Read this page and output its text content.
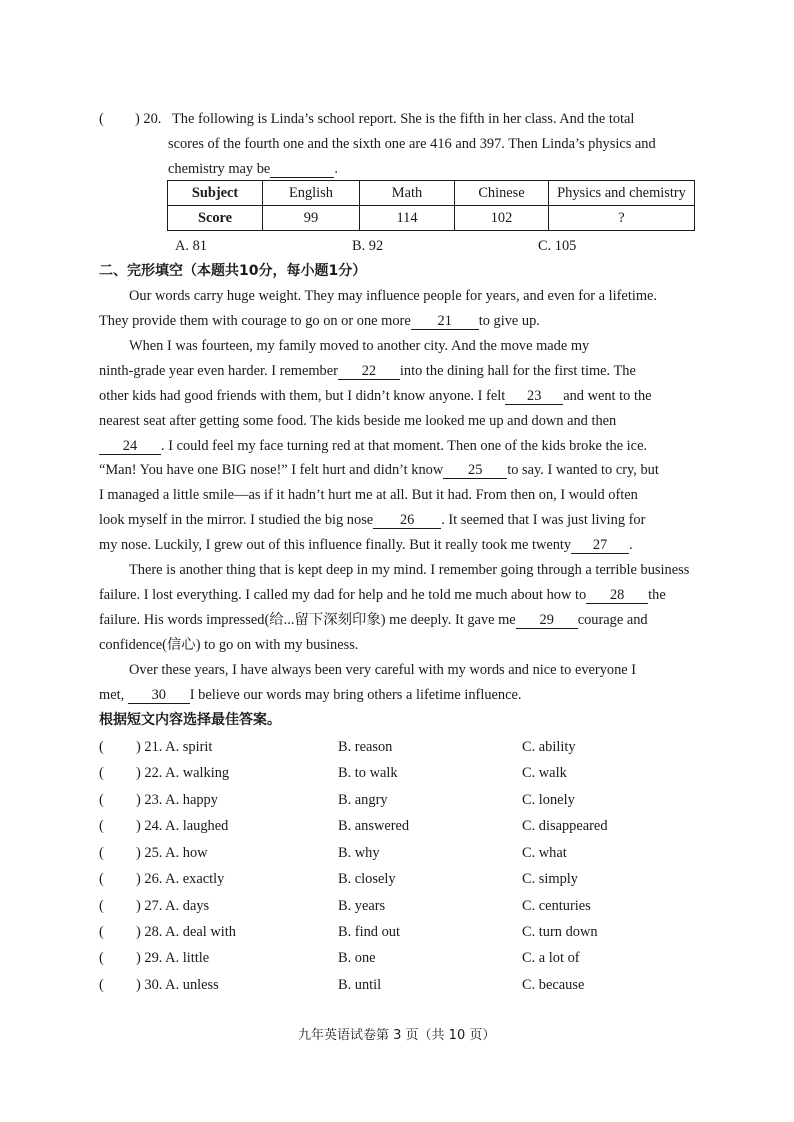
( ) 20. The following is Linda’s school report. She is the fifth in her class. And the total
scores of the fourth one and the sixth one are 416 and 397. Then Linda’s physics and
chemistry may be	.
Subject	English	Math	Chinese	Physics and chemistry
Score	99	114	102	?
A. 81	B. 92	C. 105
二、完形填空（本题共10分，每小题1分）
Our words carry huge weight. They may influence people for years, and even for a lifetime.
They provide them with courage to go on or one more 21 to give up.
When I was fourteen, my family moved to another city. And the move made my
ninth-grade year even harder. I remember 22 into the dining hall for the first time. The
other kids had good friends with them, but I didn’t know anyone. I felt 23 and went to the
nearest seat after getting some food. The kids beside me looked me up and down and then
24 . I could feel my face turning red at that moment. Then one of the kids broke the ice.
“Man! You have one BIG nose!” I felt hurt and didn’t know 25 to say. I wanted to cry, but
I managed a little smile—as if it hadn’t hurt me at all. But it had. From then on, I would often
look myself in the mirror. I studied the big nose 26 . It seemed that I was just living for
my nose. Luckily, I grew out of this influence finally. But it really took me twenty 27 .
There is another thing that is kept deep in my mind. I remember going through a terrible business
failure. I lost everything. I called my dad for help and he told me much about how to 28 the
failure. His words impressed(给...留下深刻印象) me deeply. It gave me 29 courage and
confidence(信心) to go on with my business.
Over these years, I have always been very careful with my words and nice to everyone I
met, 30 I believe our words may bring others a lifetime influence.
根据短文内容选择最佳答案。
( ) 21. A. spirit	B. reason	C. ability
( ) 22. A. walking	B. to walk	C. walk
( ) 23. A. happy	B. angry	C. lonely
( ) 24. A. laughed	B. answered	C. disappeared
( ) 25. A. how	B. why	C. what
( ) 26. A. exactly	B. closely	C. simply
( ) 27. A. days	B. years	C. centuries
( ) 28. A. deal with	B. find out	C. turn down
( ) 29. A. little	B. one	C. a lot of
( ) 30. A. unless	B. until	C. because
九年英语试卷第 3 页（共 10 页）
